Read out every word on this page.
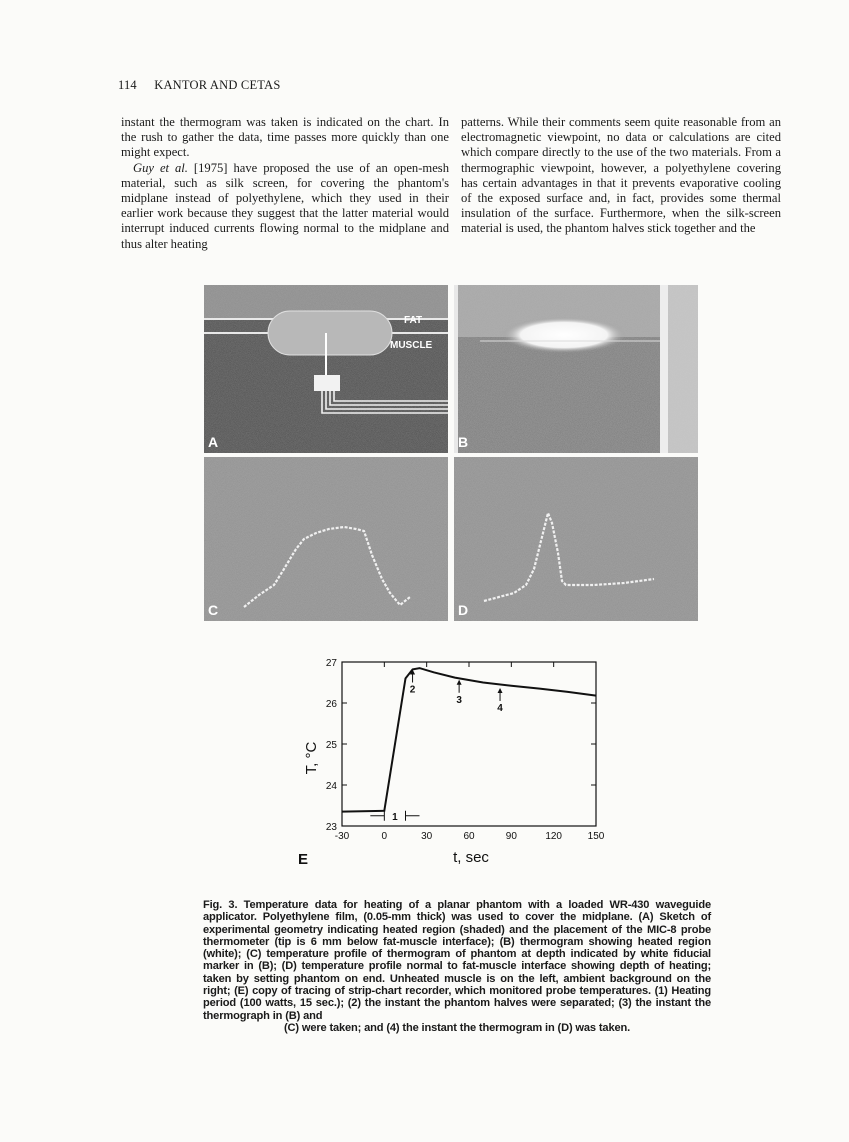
114 KANTOR AND CETAS

instant the thermogram was taken is indicated on the chart. In the rush to gather the data, time passes more quickly than one might expect.

Guy et al. [1975] have proposed the use of an open-mesh material, such as silk screen, for covering the phantom's midplane instead of polyethylene, which they used in their earlier work because they suggest that the latter material would interrupt induced currents flowing normal to the midplane and thus alter heating

patterns. While their comments seem quite reasonable from an electromagnetic viewpoint, no data or calculations are cited which compare directly to the use of the two materials. From a thermographic viewpoint, however, a polyethylene covering has certain advantages in that it prevents evaporative cooling of the exposed surface and, in fact, provides some thermal insulation of the surface. Furthermore, when the silk-screen material is used, the phantom halves stick together and the

FAT
MUSCLE
A	B
C	D
-30	0	30	60	90	120	150
23
24
25
26
27
1
2
3
4
T, °C
t, sec
E
Fig. 3. Temperature data for heating of a planar phantom with a loaded WR-430 waveguide applicator. Polyethylene film, (0.05-mm thick) was used to cover the midplane. (A) Sketch of experimental geometry indicating heated region (shaded) and the placement of the MIC-8 probe thermometer (tip is 6 mm below fat-muscle interface); (B) thermogram showing heated region (white); (C) temperature profile of thermogram of phantom at depth indicated by white fiducial marker in (B); (D) temperature profile normal to fat-muscle interface showing depth of heating; taken by setting phantom on end. Unheated muscle is on the left, ambient background on the right; (E) copy of tracing of strip-chart recorder, which monitored probe temperatures. (1) Heating period (100 watts, 15 sec.); (2) the instant the phantom halves were separated; (3) the instant the thermograph in (B) and
(C) were taken; and (4) the instant the thermogram in (D) was taken.
